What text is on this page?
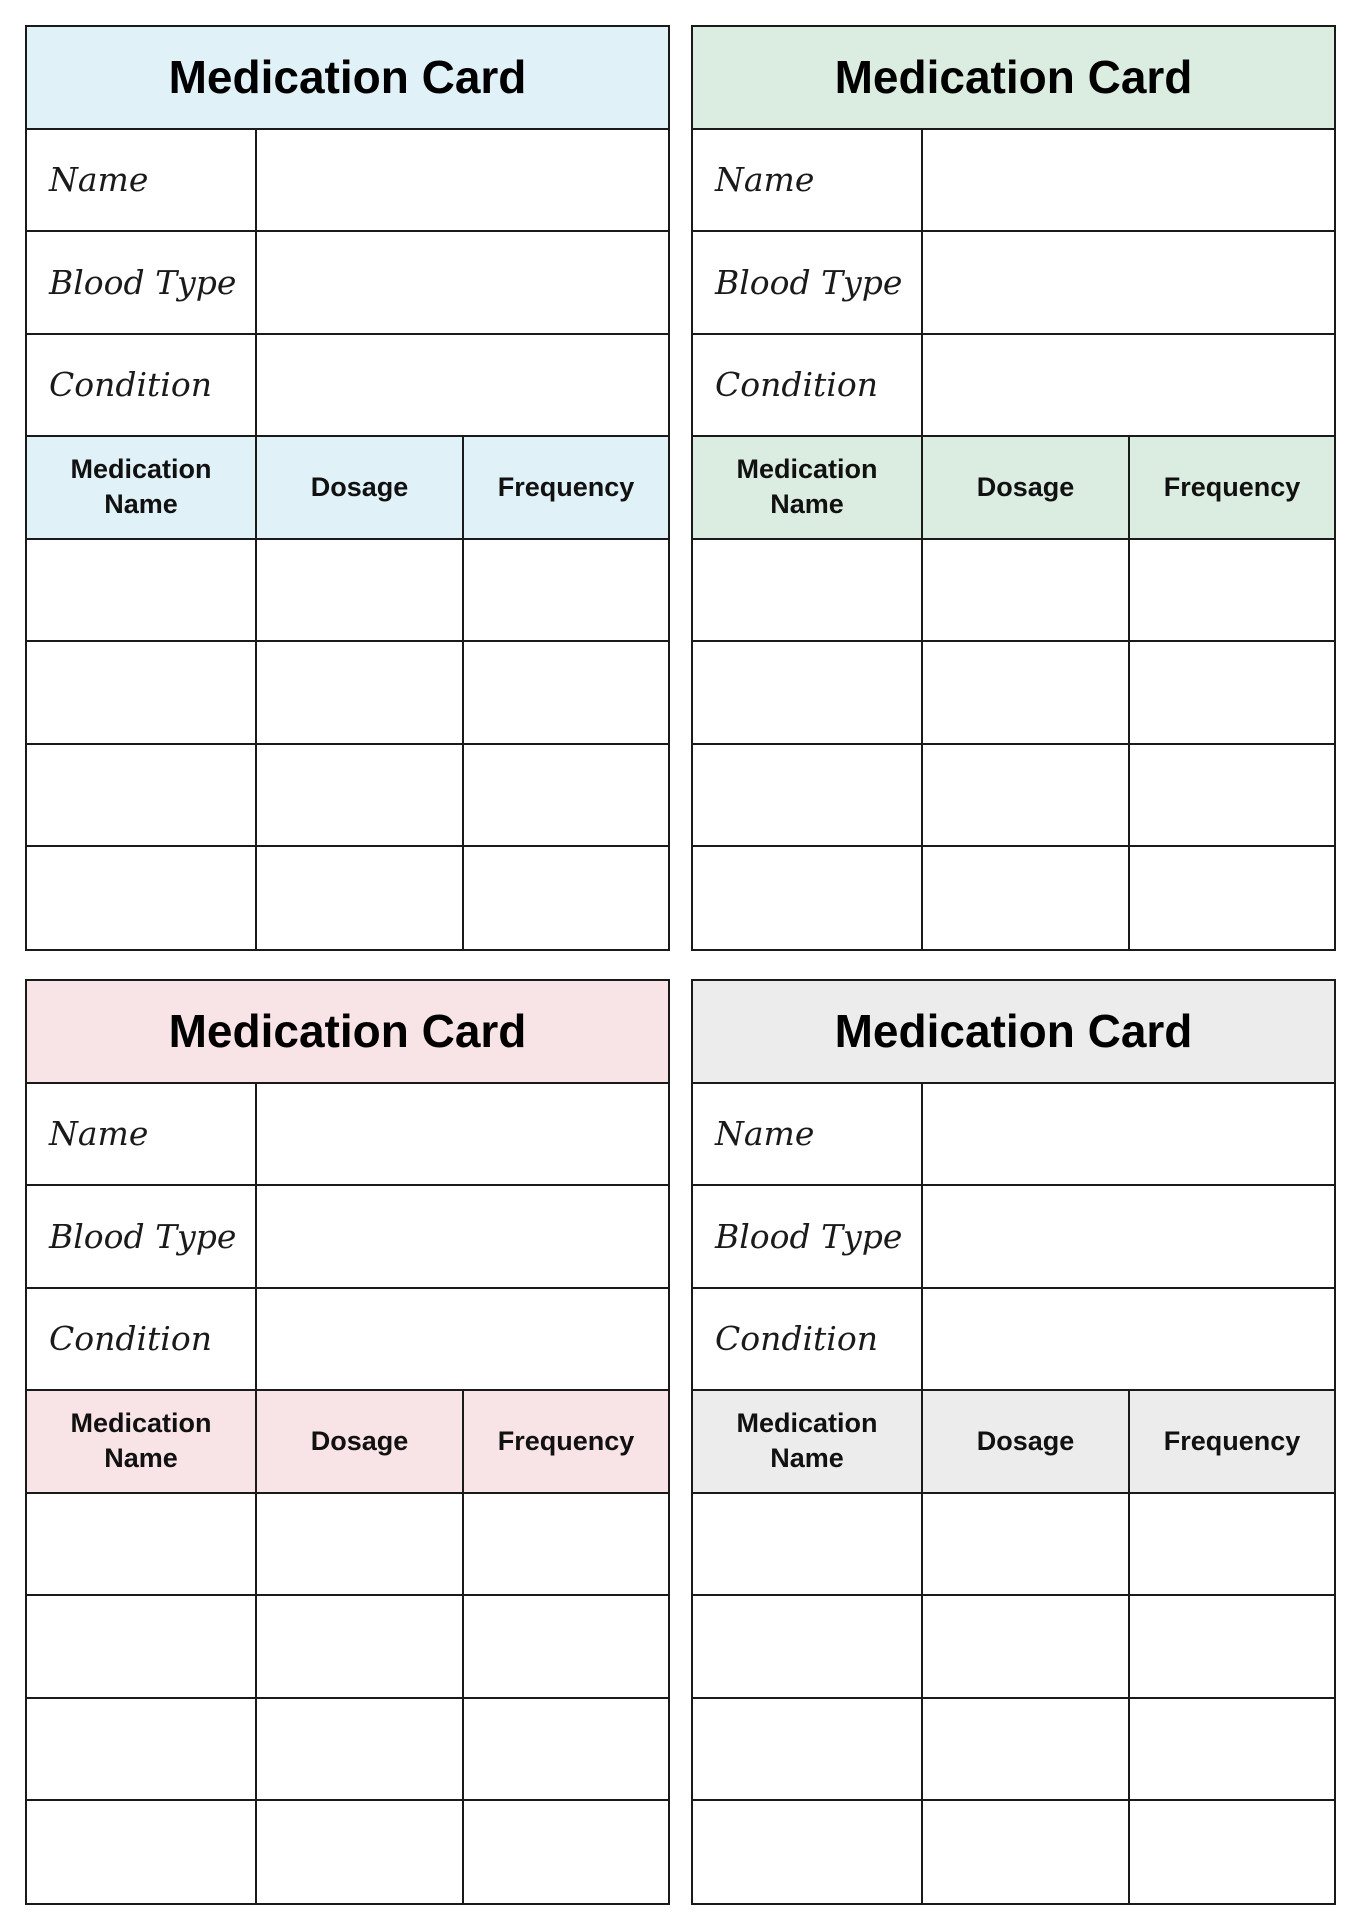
Medication Card		
Name		
Blood Type		
Condition		
Medication Name	Dosage	Frequency

Medication Card		
Name		
Blood Type		
Condition		
Medication Name	Dosage	Frequency

Medication Card		
Name		
Blood Type		
Condition		
Medication Name	Dosage	Frequency

Medication Card		
Name		
Blood Type		
Condition		
Medication Name	Dosage	Frequency
